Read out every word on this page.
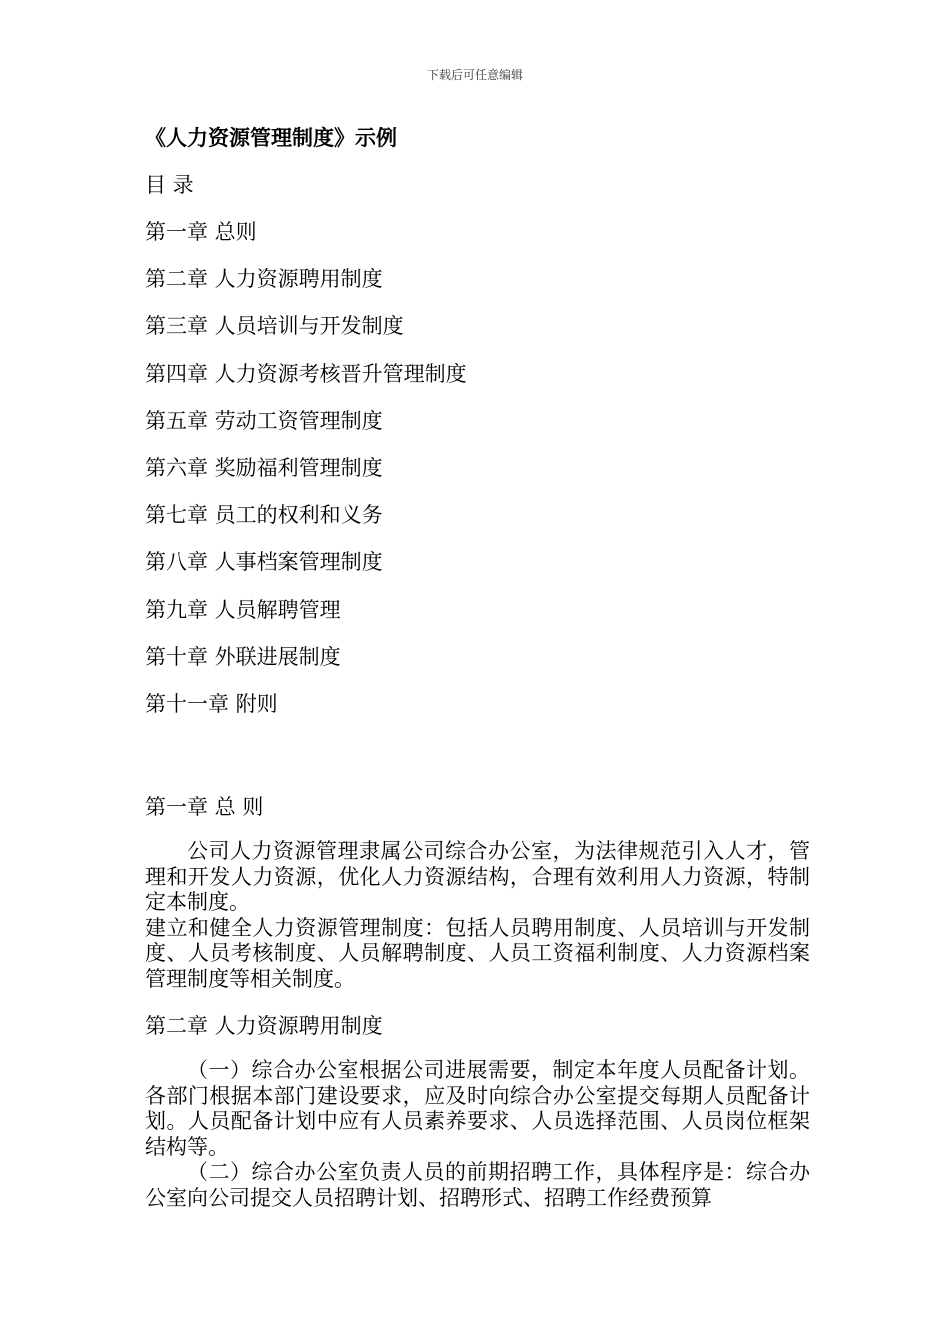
下载后可任意编辑
《人力资源管理制度》示例
目 录
第一章 总则
第二章 人力资源聘用制度
第三章 人员培训与开发制度
第四章 人力资源考核晋升管理制度
第五章 劳动工资管理制度
第六章 奖励福利管理制度
第七章 员工的权利和义务
第八章 人事档案管理制度
第九章 人员解聘管理
第十章 外联进展制度
第十一章 附则
第一章 总 则

公司人力资源管理隶属公司综合办公室，为法律规范引入人才，管理和开发人力资源，优化人力资源结构，合理有效利用人力资源，特制定本制度。

建立和健全人力资源管理制度：包括人员聘用制度、人员培训与开发制度、人员考核制度、人员解聘制度、人员工资福利制度、人力资源档案管理制度等相关制度。

第二章 人力资源聘用制度

（一）综合办公室根据公司进展需要，制定本年度人员配备计划。各部门根据本部门建设要求，应及时向综合办公室提交每期人员配备计划。人员配备计划中应有人员素养要求、人员选择范围、人员岗位框架结构等。

（二）综合办公室负责人员的前期招聘工作，具体程序是：综合办公室向公司提交人员招聘计划、招聘形式、招聘工作经费预算
